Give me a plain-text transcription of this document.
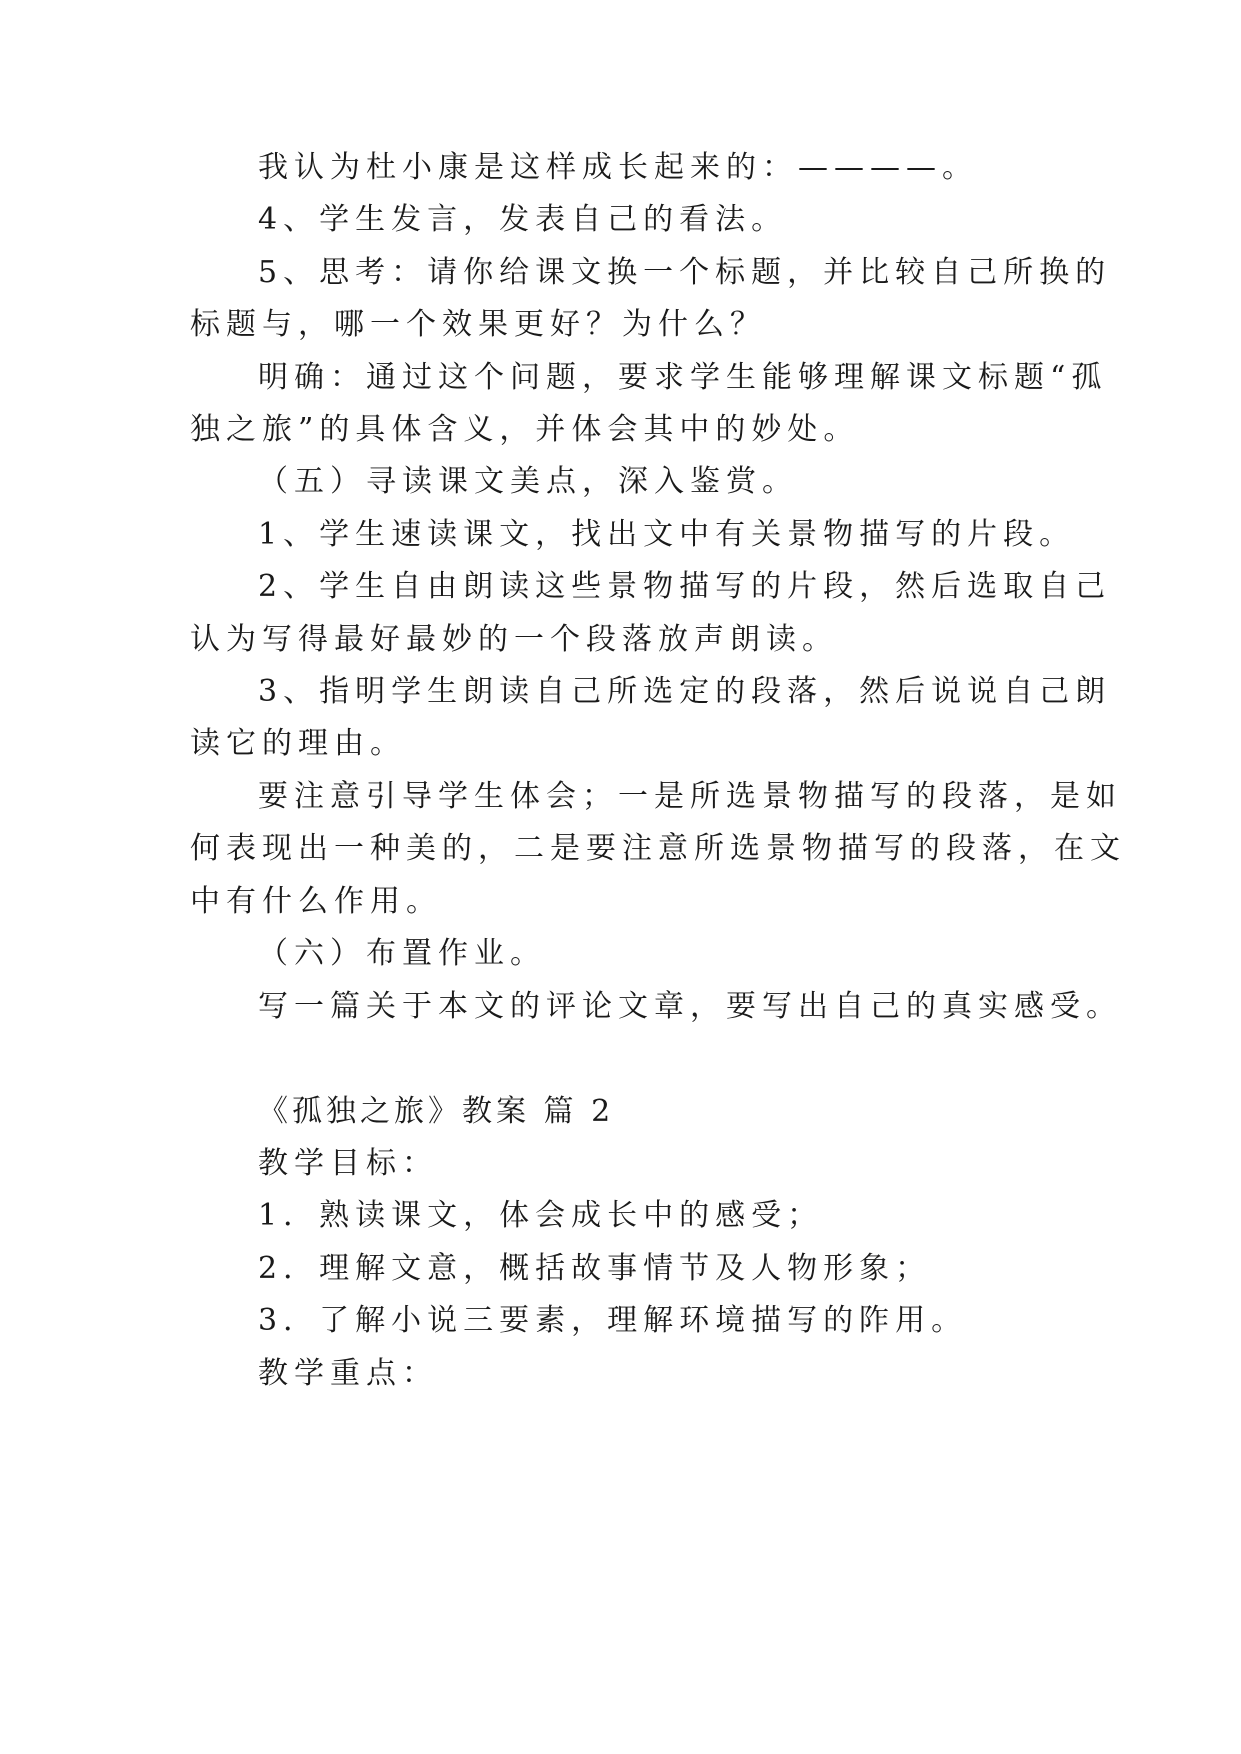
我认为杜小康是这样成长起来的：————。
4、学生发言，发表自己的看法。
5、思考：请你给课文换一个标题，并比较自己所换的
标题与，哪一个效果更好？为什么？
明确：通过这个问题，要求学生能够理解课文标题“孤
独之旅”的具体含义，并体会其中的妙处。
（五）寻读课文美点，深入鉴赏。
1、学生速读课文，找出文中有关景物描写的片段。
2、学生自由朗读这些景物描写的片段，然后选取自己
认为写得最好最妙的一个段落放声朗读。
3、指明学生朗读自己所选定的段落，然后说说自己朗
读它的理由。
要注意引导学生体会；一是所选景物描写的段落，是如
何表现出一种美的，二是要注意所选景物描写的段落，在文
中有什么作用。
（六）布置作业。
写一篇关于本文的评论文章，要写出自己的真实感受。
《孤独之旅》教案 篇 2
教学目标：
1．熟读课文，体会成长中的感受；
2．理解文意，概括故事情节及人物形象；
3．了解小说三要素，理解环境描写的阼用。
教学重点：
